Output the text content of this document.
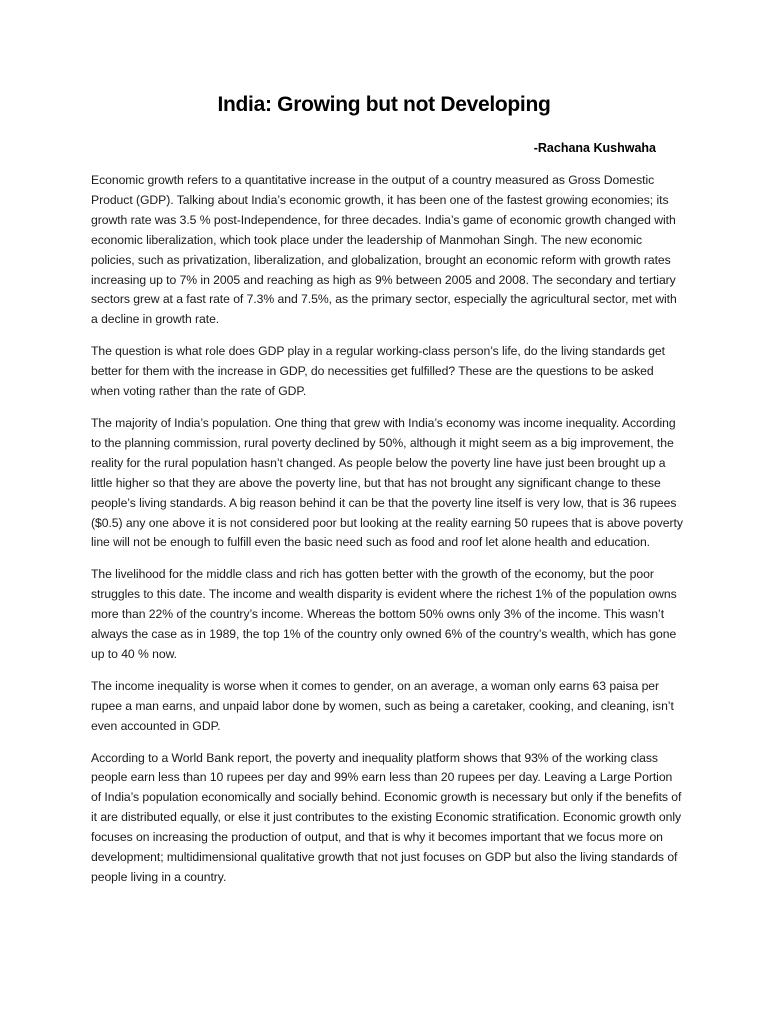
India: Growing but not Developing
-Rachana Kushwaha

Economic growth refers to a quantitative increase in the output of a country measured as Gross Domestic Product (GDP). Talking about India’s economic growth, it has been one of the fastest growing economies; its growth rate was 3.5 % post-Independence, for three decades. India’s game of economic growth changed with economic liberalization, which took place under the leadership of Manmohan Singh. The new economic policies, such as privatization, liberalization, and globalization, brought an economic reform with growth rates increasing up to 7% in 2005 and reaching as high as 9% between 2005 and 2008. The secondary and tertiary sectors grew at a fast rate of 7.3% and 7.5%, as the primary sector, especially the agricultural sector, met with a decline in growth rate.

The question is what role does GDP play in a regular working-class person’s life, do the living standards get better for them with the increase in GDP, do necessities get fulfilled? These are the questions to be asked when voting rather than the rate of GDP.

The majority of India’s population. One thing that grew with India’s economy was income inequality. According to the planning commission, rural poverty declined by 50%, although it might seem as a big improvement, the reality for the rural population hasn’t changed. As people below the poverty line have just been brought up a little higher so that they are above the poverty line, but that has not brought any significant change to these people’s living standards. A big reason behind it can be that the poverty line itself is very low, that is 36 rupees ($0.5) any one above it is not considered poor but looking at the reality earning 50 rupees that is above poverty line will not be enough to fulfill even the basic need such as food and roof let alone health and education.

The livelihood for the middle class and rich has gotten better with the growth of the economy, but the poor struggles to this date. The income and wealth disparity is evident where the richest 1% of the population owns more than 22% of the country’s income. Whereas the bottom 50% owns only 3% of the income. This wasn’t always the case as in 1989, the top 1% of the country only owned 6% of the country’s wealth, which has gone up to 40 % now.

The income inequality is worse when it comes to gender, on an average, a woman only earns 63 paisa per rupee a man earns, and unpaid labor done by women, such as being a caretaker, cooking, and cleaning, isn’t even accounted in GDP.

According to a World Bank report, the poverty and inequality platform shows that 93% of the working class people earn less than 10 rupees per day and 99% earn less than 20 rupees per day. Leaving a Large Portion of India’s population economically and socially behind. Economic growth is necessary but only if the benefits of it are distributed equally, or else it just contributes to the existing Economic stratification. Economic growth only focuses on increasing the production of output, and that is why it becomes important that we focus more on development; multidimensional qualitative growth that not just focuses on GDP but also the living standards of people living in a country.
